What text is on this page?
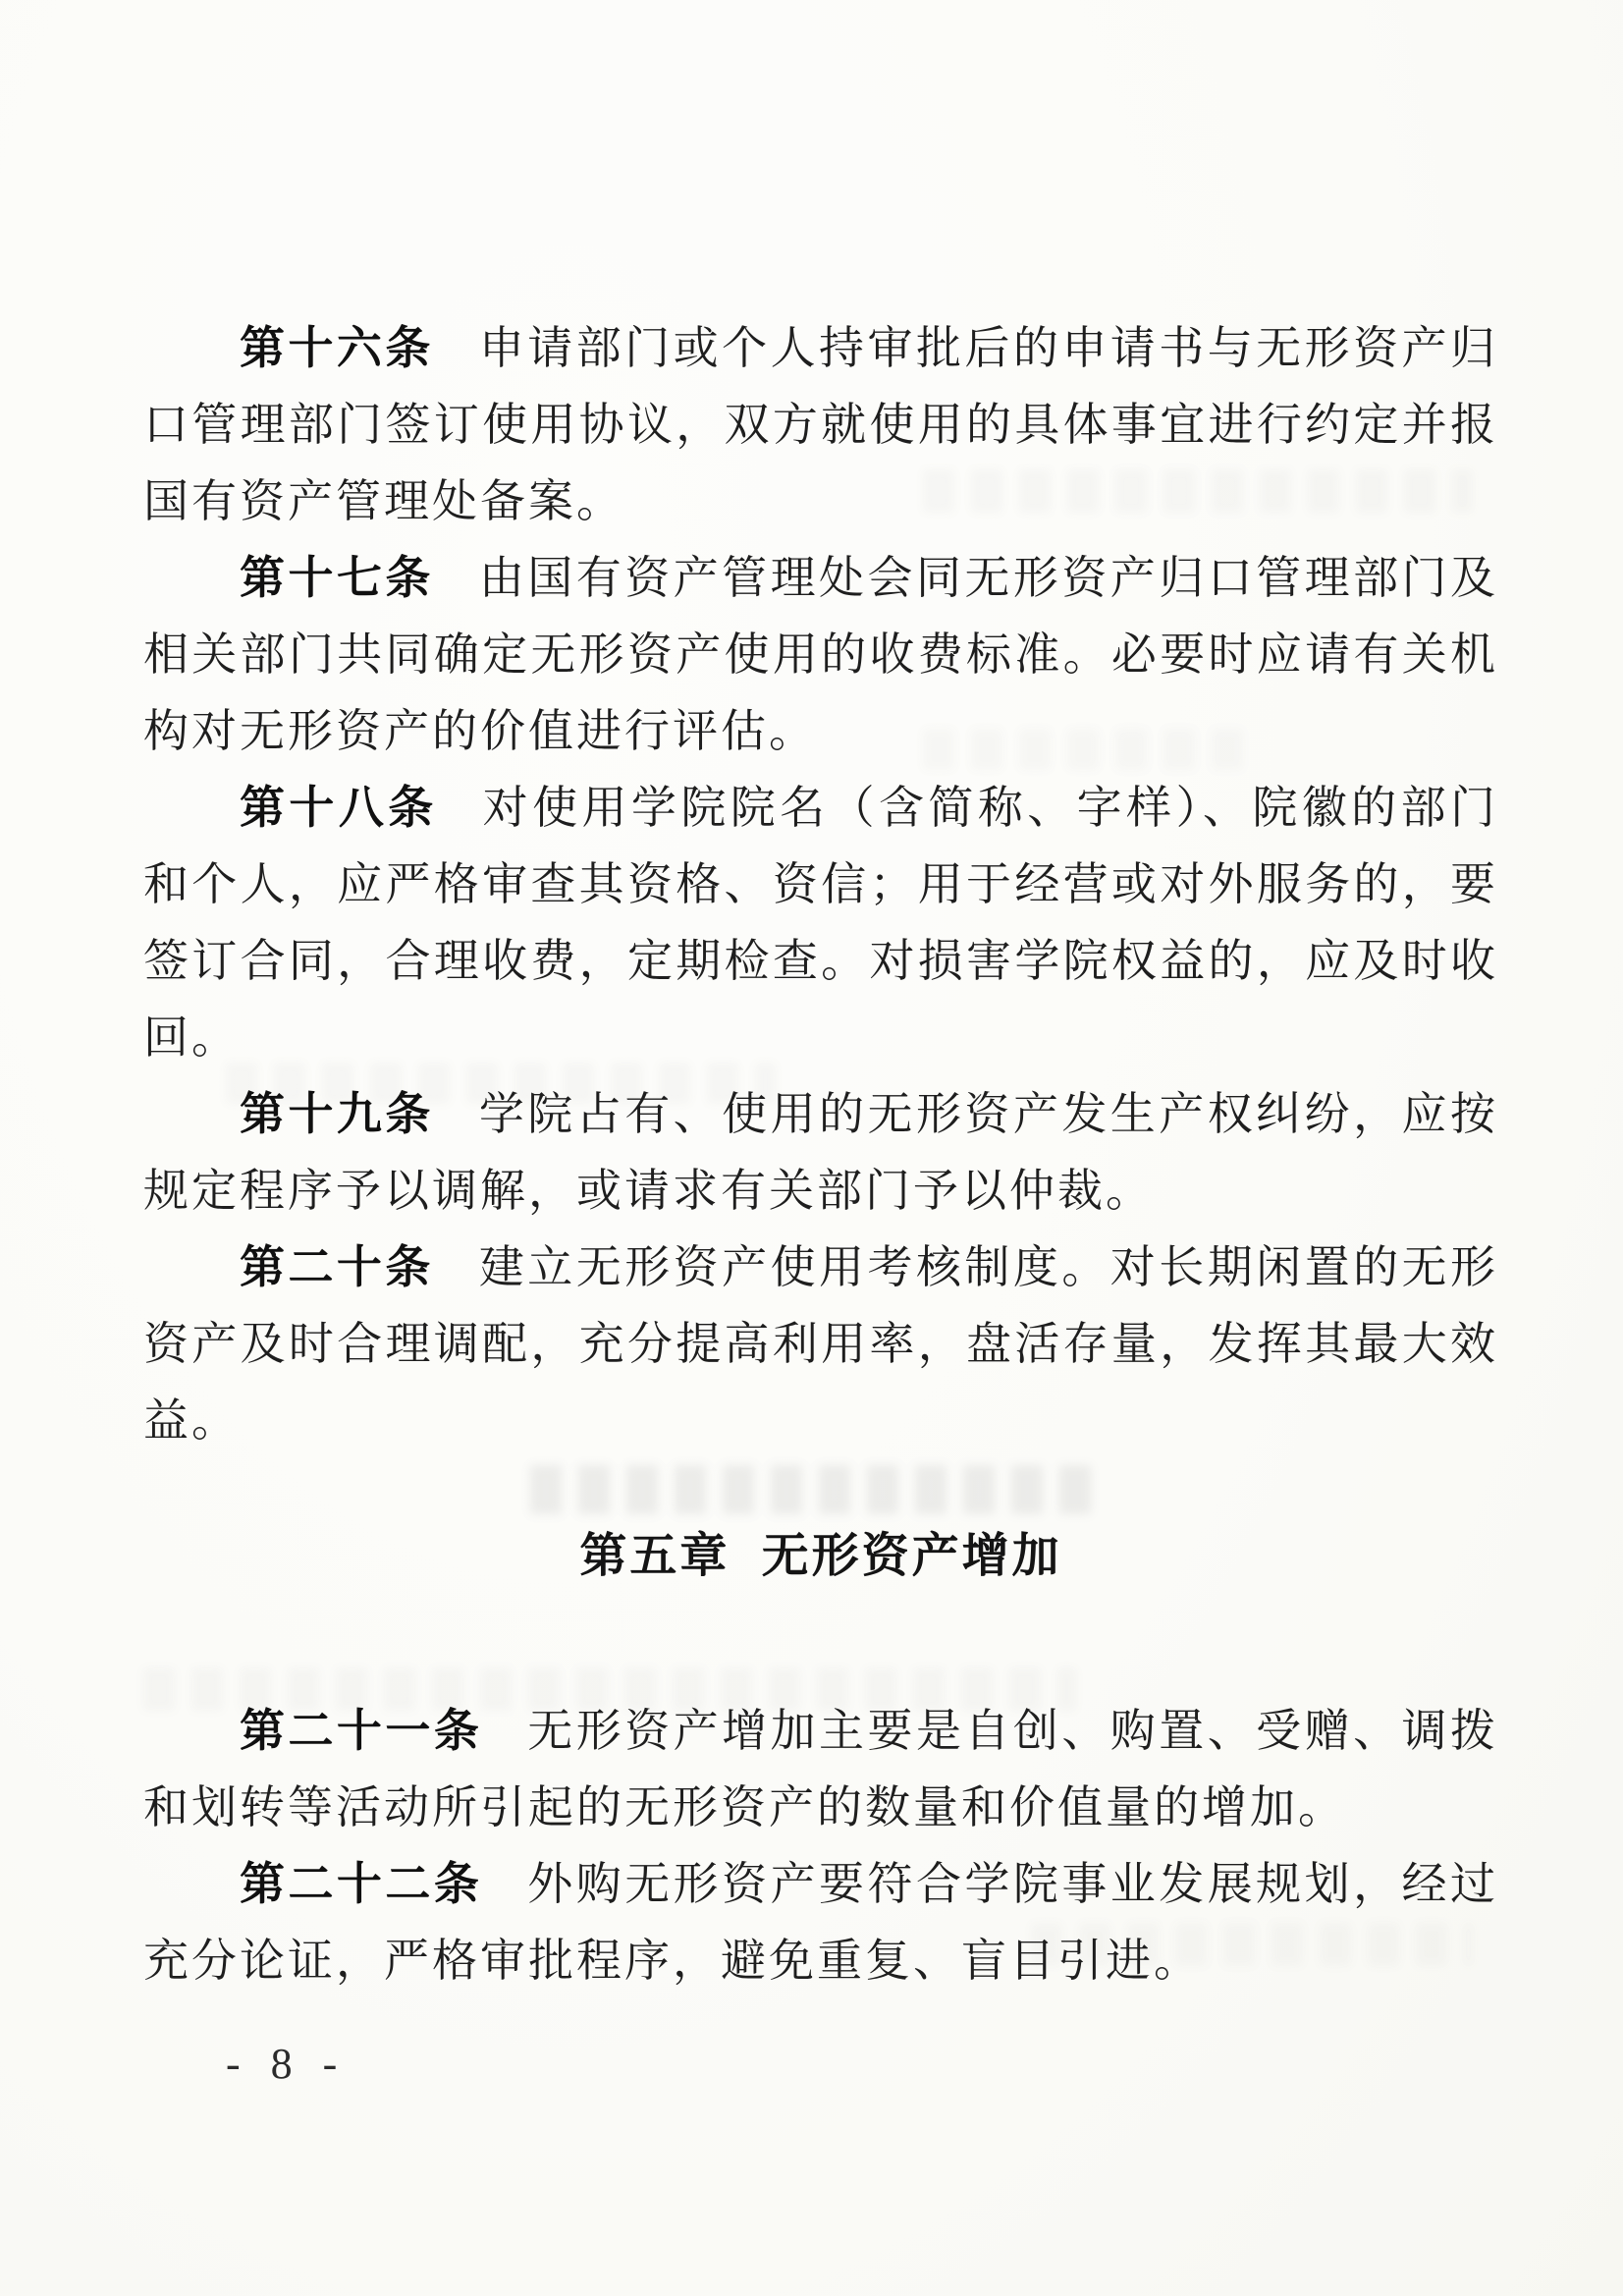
第十六条 申请部门或个人持审批后的申请书与无形资产归口管理部门签订使用协议，双方就使用的具体事宜进行约定并报国有资产管理处备案。

第十七条 由国有资产管理处会同无形资产归口管理部门及相关部门共同确定无形资产使用的收费标准。必要时应请有关机构对无形资产的价值进行评估。

第十八条 对使用学院院名（含简称、字样）、院徽的部门和个人，应严格审查其资格、资信；用于经营或对外服务的，要签订合同，合理收费，定期检查。对损害学院权益的，应及时收回。

第十九条 学院占有、使用的无形资产发生产权纠纷，应按规定程序予以调解，或请求有关部门予以仲裁。

第二十条 建立无形资产使用考核制度。对长期闲置的无形资产及时合理调配，充分提高利用率，盘活存量，发挥其最大效益。

第五章 无形资产增加

第二十一条 无形资产增加主要是自创、购置、受赠、调拨和划转等活动所引起的无形资产的数量和价值量的增加。

第二十二条 外购无形资产要符合学院事业发展规划，经过充分论证，严格审批程序，避免重复、盲目引进。

- 8 -
